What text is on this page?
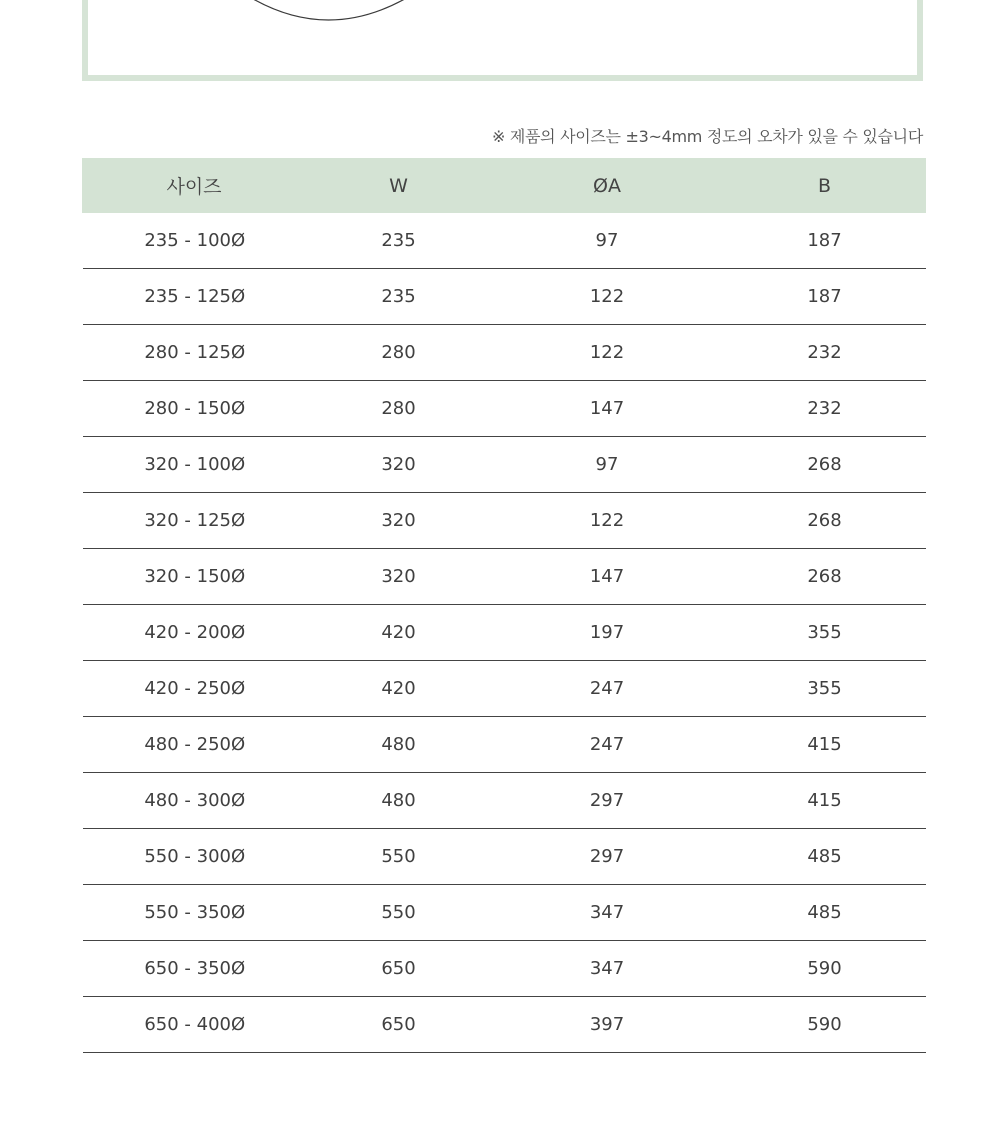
※ 제품의 사이즈는 ±3~4mm 정도의 오차가 있을 수 있습니다
사이즈	W	ØA	B
235 - 100Ø	235	97	187
235 - 125Ø	235	122	187
280 - 125Ø	280	122	232
280 - 150Ø	280	147	232
320 - 100Ø	320	97	268
320 - 125Ø	320	122	268
320 - 150Ø	320	147	268
420 - 200Ø	420	197	355
420 - 250Ø	420	247	355
480 - 250Ø	480	247	415
480 - 300Ø	480	297	415
550 - 300Ø	550	297	485
550 - 350Ø	550	347	485
650 - 350Ø	650	347	590
650 - 400Ø	650	397	590
